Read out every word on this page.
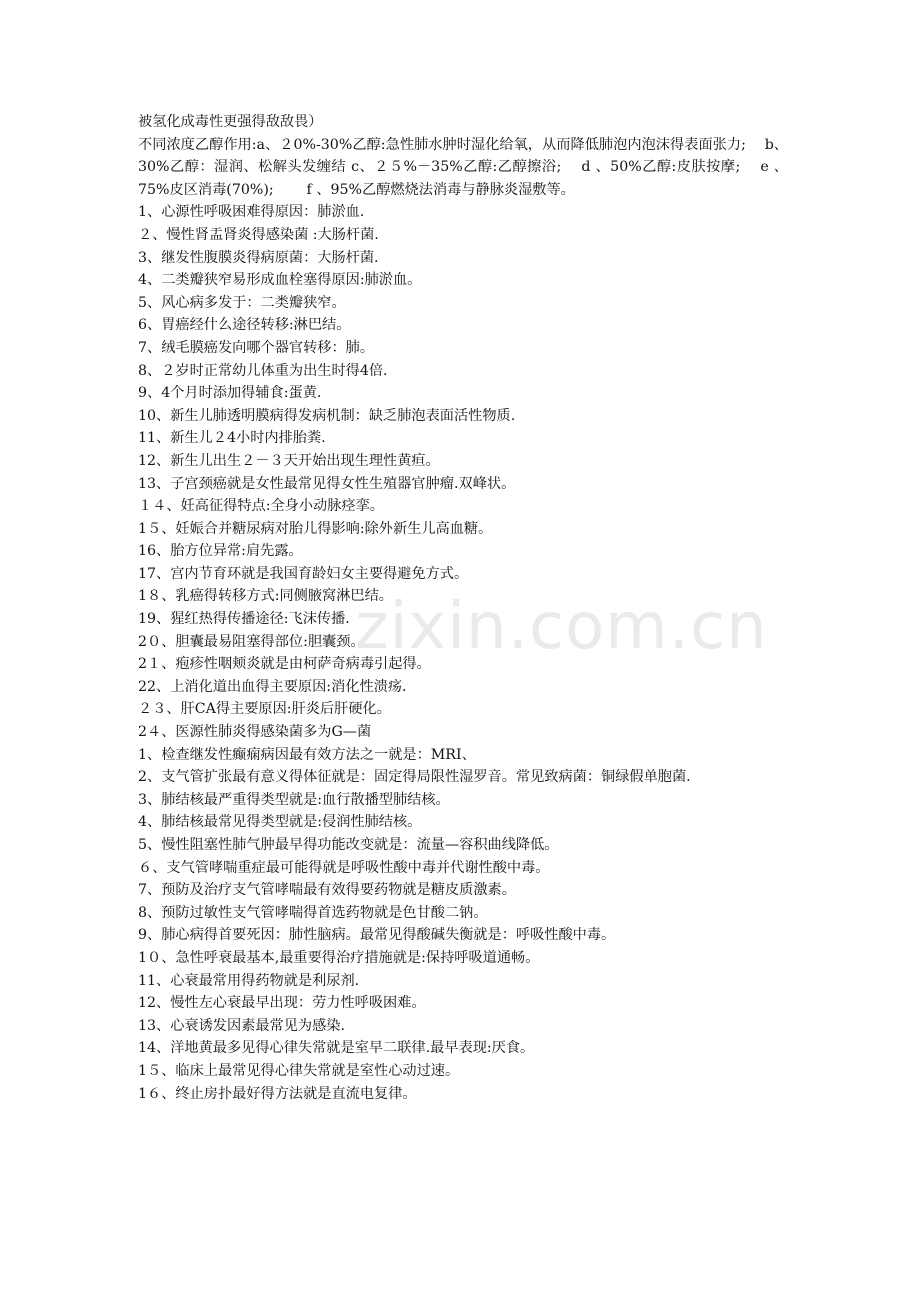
zixin.com.cn
被氢化成毒性更强得敌敌畏）
不同浓度乙醇作用:a、２0%-30%乙醇:急性肺水肿时湿化给氧，从而降低肺泡内泡沫得表面张力;　 b、30%乙醇：湿润、松解头发缠结 c、２５%－35%乙醇:乙醇擦浴;　 d 、50%乙醇:皮肤按摩;　 e 、75%皮区消毒(70%);　　 f 、95%乙醇燃烧法消毒与静脉炎湿敷等。
1、心源性呼吸困难得原因：肺淤血.
２、慢性肾盂肾炎得感染菌 :大肠杆菌.
3、继发性腹膜炎得病原菌：大肠杆菌.
4、二类瓣狭窄易形成血栓塞得原因:肺淤血。
5、风心病多发于：二类瓣狭窄。
6、胃癌经什么途径转移:淋巴结。
7、绒毛膜癌发向哪个器官转移：肺。
8、２岁时正常幼儿体重为出生时得4倍.
9、4个月时添加得辅食:蛋黄.
10、新生儿肺透明膜病得发病机制：缺乏肺泡表面活性物质.
11、新生儿２4小时内排胎粪.
12、新生儿出生２－３天开始出现生理性黄疸。
13、子宫颈癌就是女性最常见得女性生殖器官肿瘤.双峰状。
１４、妊高征得特点:全身小动脉痉挛。
1５、妊娠合并糖尿病对胎儿得影响:除外新生儿高血糖。
16、胎方位异常:肩先露。
17、宫内节育环就是我国育龄妇女主要得避免方式。
1８、乳癌得转移方式:同侧腋窝淋巴结。
19、猩红热得传播途径:飞沫传播.
2０、胆囊最易阻塞得部位:胆囊颈。
2１、疱疹性咽颊炎就是由柯萨奇病毒引起得。
22、上消化道出血得主要原因:消化性溃疡.
２３、肝CA得主要原因:肝炎后肝硬化。
2４、医源性肺炎得感染菌多为G—菌
1、检查继发性癫痫病因最有效方法之一就是：MRI、
2、支气管扩张最有意义得体征就是：固定得局限性湿罗音。常见致病菌：铜绿假单胞菌.
3、肺结核最严重得类型就是:血行散播型肺结核。
4、肺结核最常见得类型就是:侵润性肺结核。
5、慢性阻塞性肺气肿最早得功能改变就是：流量—容积曲线降低。
６、支气管哮喘重症最可能得就是呼吸性酸中毒并代谢性酸中毒。
7、预防及治疗支气管哮喘最有效得要药物就是糖皮质激素。
8、预防过敏性支气管哮喘得首选药物就是色甘酸二钠。
9、肺心病得首要死因：肺性脑病。最常见得酸碱失衡就是：呼吸性酸中毒。
1０、急性呼衰最基本,最重要得治疗措施就是:保持呼吸道通畅。
11、心衰最常用得药物就是利尿剂.
12、慢性左心衰最早出现：劳力性呼吸困难。
13、心衰诱发因素最常见为感染.
14、洋地黄最多见得心律失常就是室早二联律.最早表现:厌食。
1５、临床上最常见得心律失常就是室性心动过速。
1６、终止房扑最好得方法就是直流电复律。
